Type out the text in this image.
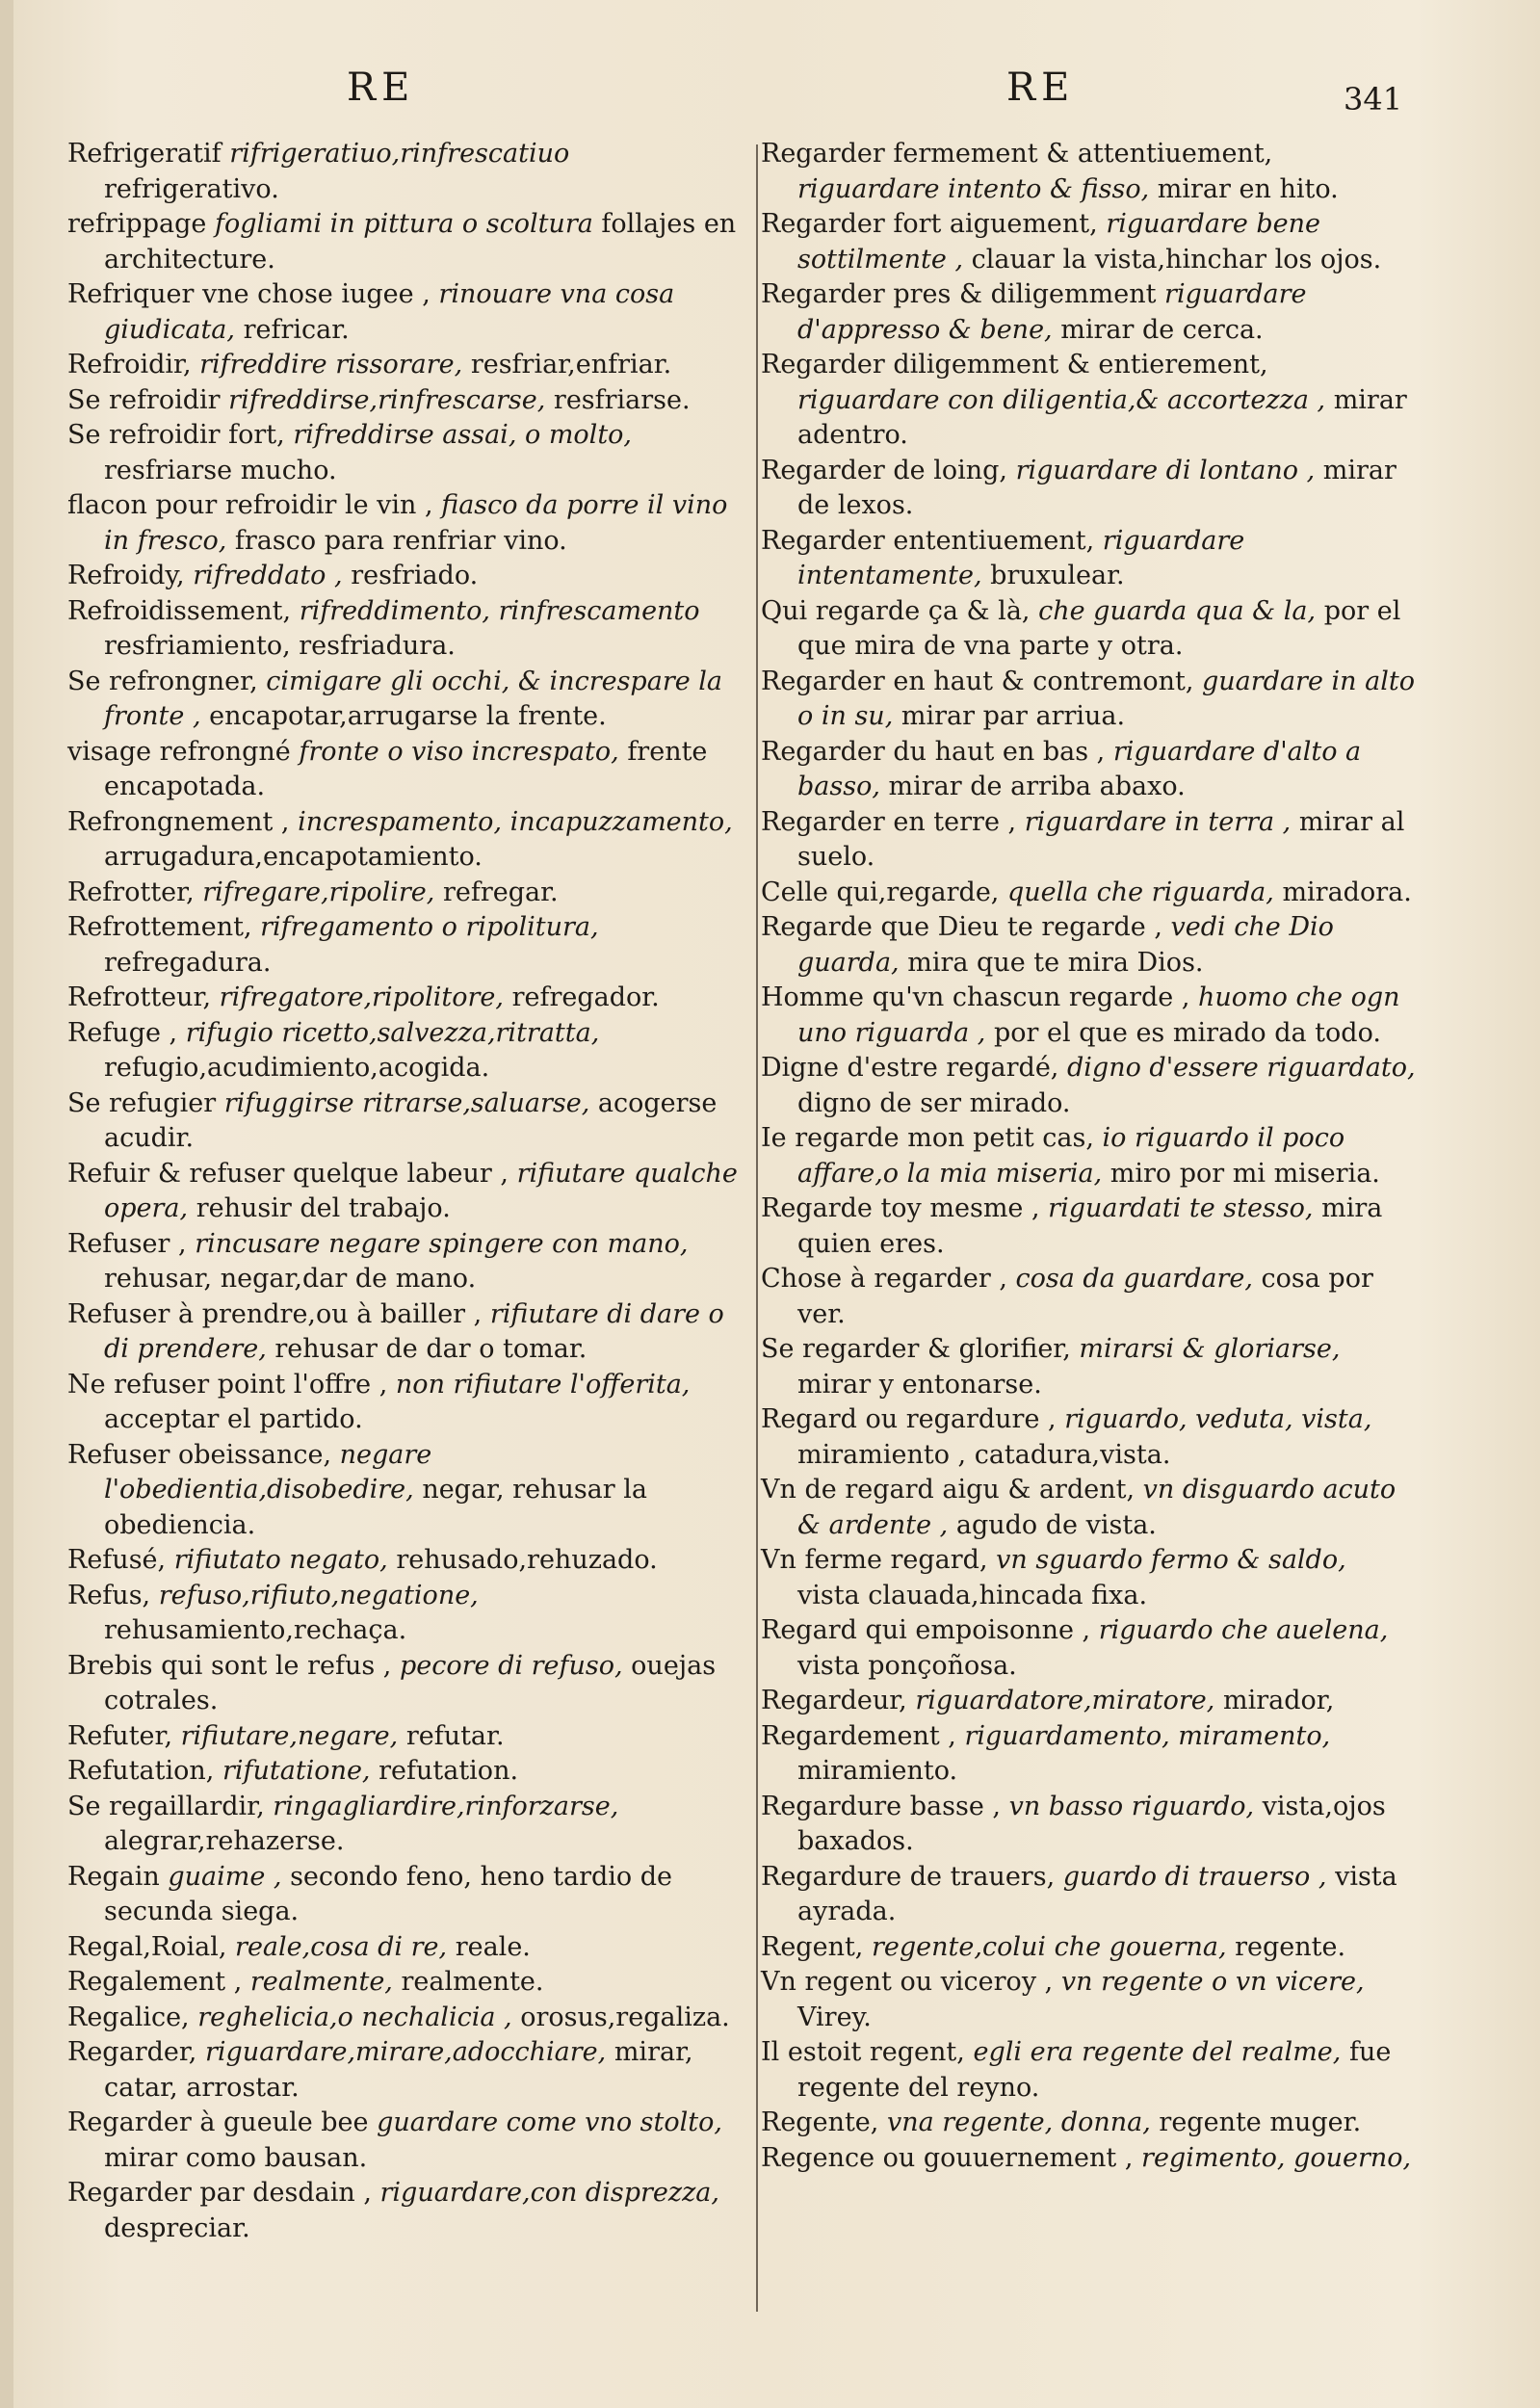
RE	RE	341

Refrigeratif rifrigeratiuo,rinfrescatiuo refrigerativo.

refrippage fogliami in pittura o scoltura follajes en architecture.

Refriquer vne chose iugee , rinouare vna cosa giudicata, refricar.

Refroidir, rifreddire rissorare, resfriar,enfriar.

Se refroidir rifreddirse,rinfrescarse, resfriarse.

Se refroidir fort, rifreddirse assai, o molto, resfriarse mucho.

flacon pour refroidir le vin , fiasco da porre il vino in fresco, frasco para renfriar vino.

Refroidy, rifreddato , resfriado.

Refroidissement, rifreddimento, rinfrescamento resfriamiento, resfriadura.

Se refrongner, cimigare gli occhi, & increspare la fronte , encapotar,arrugarse la frente.

visage refrongné fronte o viso increspato, frente encapotada.

Refrongnement , increspamento, incapuzzamento, arrugadura,encapotamiento.

Refrotter, rifregare,ripolire, refregar.

Refrottement, rifregamento o ripolitura, refregadura.

Refrotteur, rifregatore,ripolitore, refregador.

Refuge , rifugio ricetto,salvezza,ritratta, refugio,acudimiento,acogida.

Se refugier rifuggirse ritrarse,saluarse, acogerse acudir.

Refuir & refuser quelque labeur , rifiutare qualche opera, rehusir del trabajo.

Refuser , rincusare negare spingere con mano, rehusar, negar,dar de mano.

Refuser à prendre,ou à bailler , rifiutare di dare o di prendere, rehusar de dar o tomar.

Ne refuser point l'offre , non rifiutare l'offerita, acceptar el partido.

Refuser obeissance, negare l'obedientia,disobedire, negar, rehusar la obediencia.

Refusé, rifiutato negato, rehusado,rehuzado.

Refus, refuso,rifiuto,negatione, rehusamiento,rechaça.

Brebis qui sont le refus , pecore di refuso, ouejas cotrales.

Refuter, rifiutare,negare, refutar.

Refutation, rifutatione, refutation.

Se regaillardir, ringagliardire,rinforzarse, alegrar,rehazerse.

Regain guaime , secondo feno, heno tardio de secunda siega.

Regal,Roial, reale,cosa di re, reale.

Regalement , realmente, realmente.

Regalice, reghelicia,o nechalicia , orosus,regaliza.

Regarder, riguardare,mirare,adocchiare, mirar, catar, arrostar.

Regarder à gueule bee guardare come vno stolto, mirar como bausan.

Regarder par desdain , riguardare,con disprezza, despreciar.

Regarder fermement & attentiuement, riguardare intento & fisso, mirar en hito.

Regarder fort aiguement, riguardare bene sottilmente , clauar la vista,hinchar los ojos.

Regarder pres & diligemment riguardare d'appresso & bene, mirar de cerca.

Regarder diligemment & entierement, riguardare con diligentia,& accortezza , mirar adentro.

Regarder de loing, riguardare di lontano , mirar de lexos.

Regarder ententiuement, riguardare intentamente, bruxulear.

Qui regarde ça & là, che guarda qua & la, por el que mira de vna parte y otra.

Regarder en haut & contremont, guardare in alto o in su, mirar par arriua.

Regarder du haut en bas , riguardare d'alto a basso, mirar de arriba abaxo.

Regarder en terre , riguardare in terra , mirar al suelo.

Celle qui,regarde, quella che riguarda, miradora.

Regarde que Dieu te regarde , vedi che Dio guarda, mira que te mira Dios.

Homme qu'vn chascun regarde , huomo che ogn uno riguarda , por el que es mirado da todo.

Digne d'estre regardé, digno d'essere riguardato, digno de ser mirado.

Ie regarde mon petit cas, io riguardo il poco affare,o la mia miseria, miro por mi miseria.

Regarde toy mesme , riguardati te stesso, mira quien eres.

Chose à regarder , cosa da guardare, cosa por ver.

Se regarder & glorifier, mirarsi & gloriarse, mirar y entonarse.

Regard ou regardure , riguardo, veduta, vista, miramiento , catadura,vista.

Vn de regard aigu & ardent, vn disguardo acuto & ardente , agudo de vista.

Vn ferme regard, vn sguardo fermo & saldo, vista clauada,hincada fixa.

Regard qui empoisonne , riguardo che auelena, vista ponçoñosa.

Regardeur, riguardatore,miratore, mirador,

Regardement , riguardamento, miramento, miramiento.

Regardure basse , vn basso riguardo, vista,ojos baxados.

Regardure de trauers, guardo di trauerso , vista ayrada.

Regent, regente,colui che gouerna, regente.

Vn regent ou viceroy , vn regente o vn vicere, Virey.

Il estoit regent, egli era regente del realme, fue regente del reyno.

Regente, vna regente, donna, regente muger.

Regence ou gouuernement , regimento, gouerno,
